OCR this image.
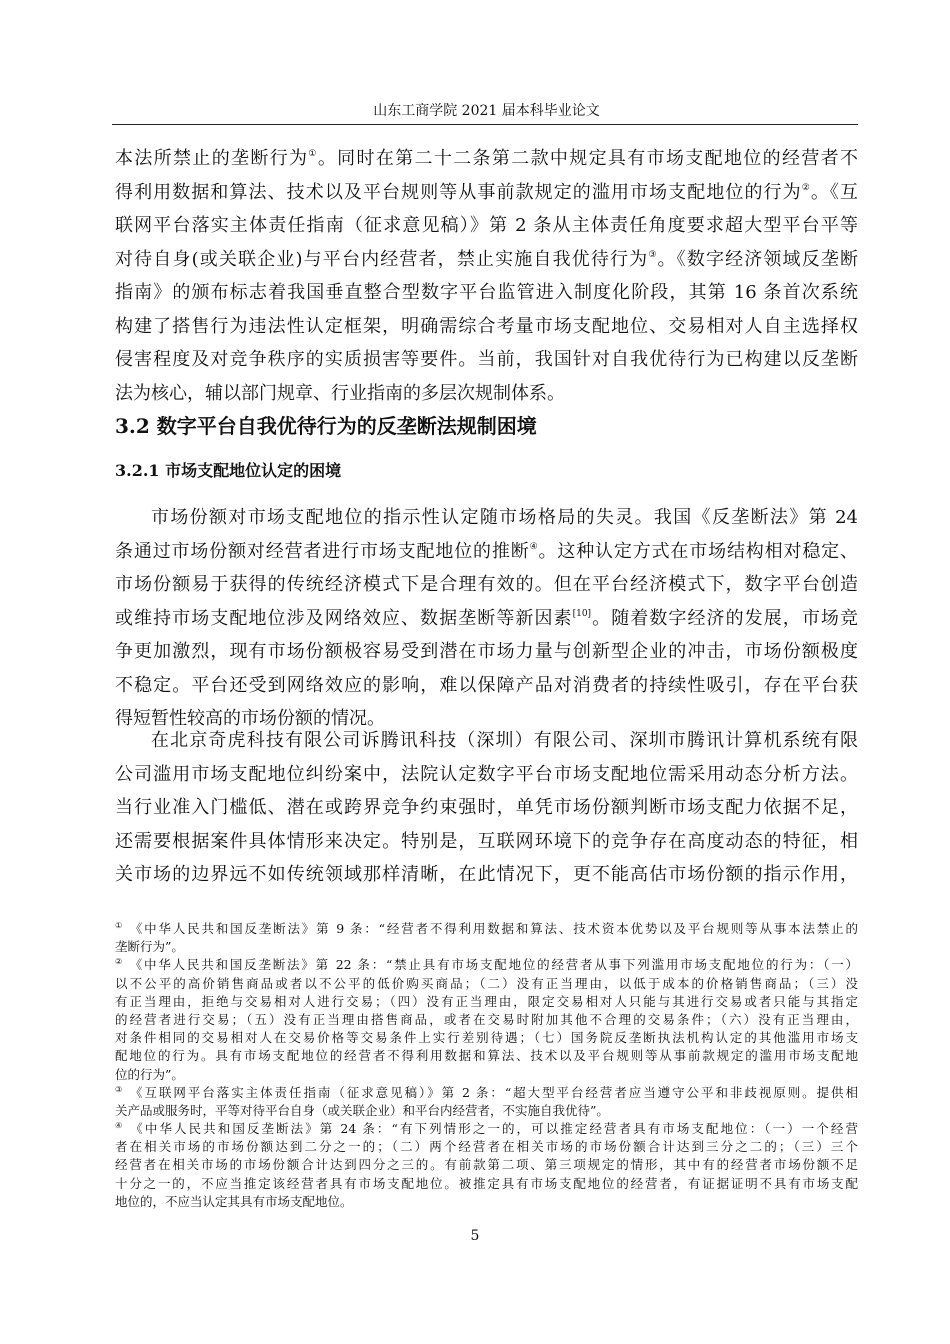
山东工商学院 2021 届本科毕业论文
本法所禁止的垄断行为①。同时在第二十二条第二款中规定具有市场支配地位的经营者不
得利用数据和算法、技术以及平台规则等从事前款规定的滥用市场支配地位的行为②。《互
联网平台落实主体责任指南（征求意见稿）》第 2 条从主体责任角度要求超大型平台平等
对待自身(或关联企业)与平台内经营者，禁止实施自我优待行为③。《数字经济领域反垄断
指南》的颁布标志着我国垂直整合型数字平台监管进入制度化阶段，其第 16 条首次系统
构建了搭售行为违法性认定框架，明确需综合考量市场支配地位、交易相对人自主选择权
侵害程度及对竞争秩序的实质损害等要件。当前，我国针对自我优待行为已构建以反垄断
法为核心，辅以部门规章、行业指南的多层次规制体系。
3.2 数字平台自我优待行为的反垄断法规制困境
3.2.1 市场支配地位认定的困境
市场份额对市场支配地位的指示性认定随市场格局的失灵。我国《反垄断法》第 24
条通过市场份额对经营者进行市场支配地位的推断④。这种认定方式在市场结构相对稳定、
市场份额易于获得的传统经济模式下是合理有效的。但在平台经济模式下，数字平台创造
或维持市场支配地位涉及网络效应、数据垄断等新因素[10]。随着数字经济的发展，市场竞
争更加激烈，现有市场份额极容易受到潜在市场力量与创新型企业的冲击，市场份额极度
不稳定。平台还受到网络效应的影响，难以保障产品对消费者的持续性吸引，存在平台获
得短暂性较高的市场份额的情况。
在北京奇虎科技有限公司诉腾讯科技（深圳）有限公司、深圳市腾讯计算机系统有限
公司滥用市场支配地位纠纷案中，法院认定数字平台市场支配地位需采用动态分析方法。
当行业准入门槛低、潜在或跨界竞争约束强时，单凭市场份额判断市场支配力依据不足，
还需要根据案件具体情形来决定。特别是，互联网环境下的竞争存在高度动态的特征，相
关市场的边界远不如传统领域那样清晰，在此情况下，更不能高估市场份额的指示作用，
① 《中华人民共和国反垄断法》第 9 条：“经营者不得利用数据和算法、技术资本优势以及平台规则等从事本法禁止的
垄断行为”。
② 《中华人民共和国反垄断法》第 22 条：“禁止具有市场支配地位的经营者从事下列滥用市场支配地位的行为：（一）
以不公平的高价销售商品或者以不公平的低价购买商品；（二）没有正当理由，以低于成本的价格销售商品；（三）没
有正当理由，拒绝与交易相对人进行交易；（四）没有正当理由，限定交易相对人只能与其进行交易或者只能与其指定
的经营者进行交易；（五）没有正当理由搭售商品，或者在交易时附加其他不合理的交易条件；（六）没有正当理由，
对条件相同的交易相对人在交易价格等交易条件上实行差别待遇；（七）国务院反垄断执法机构认定的其他滥用市场支
配地位的行为。具有市场支配地位的经营者不得利用数据和算法、技术以及平台规则等从事前款规定的滥用市场支配地
位的行为”。
③ 《互联网平台落实主体责任指南（征求意见稿）》第 2 条：“超大型平台经营者应当遵守公平和非歧视原则。提供相
关产品或服务时，平等对待平台自身（或关联企业）和平台内经营者，不实施自我优待”。
④ 《中华人民共和国反垄断法》第 24 条：“有下列情形之一的，可以推定经营者具有市场支配地位：（一）一个经营
者在相关市场的市场份额达到二分之一的；（二）两个经营者在相关市场的市场份额合计达到三分之二的；（三）三个
经营者在相关市场的市场份额合计达到四分之三的。有前款第二项、第三项规定的情形，其中有的经营者市场份额不足
十分之一的，不应当推定该经营者具有市场支配地位。被推定具有市场支配地位的经营者，有证据证明不具有市场支配
地位的，不应当认定其具有市场支配地位。
5
